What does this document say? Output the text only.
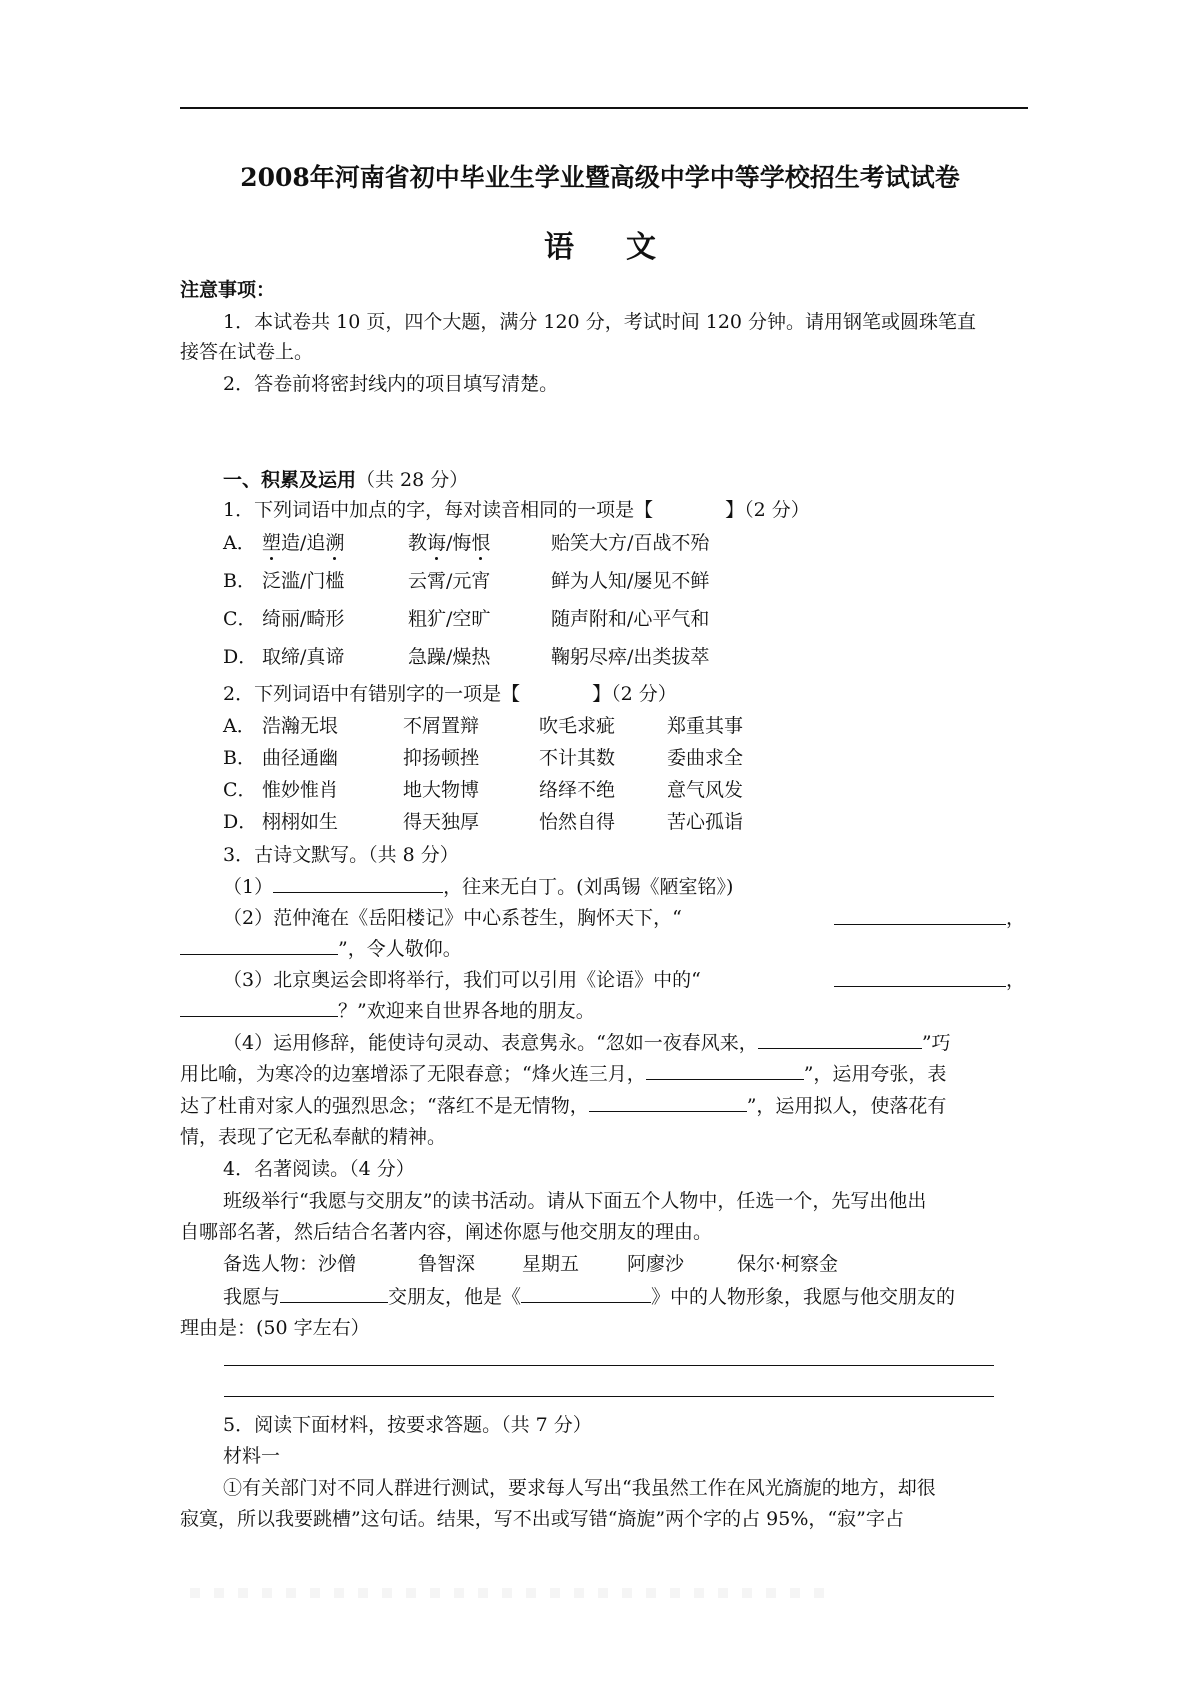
2008年河南省初中毕业生学业暨高级中学中等学校招生考试试卷
语文
注意事项：
1．本试卷共 10 页，四个大题，满分 120 分，考试时间 120 分钟。请用钢笔或圆珠笔直
接答在试卷上。
2．答卷前将密封线内的项目填写清楚。
一、积累及运用（共 28 分）
1．下列词语中加点的字，每对读音相同的一项是【	】（2 分）
A． 塑造/追溯	教诲/悔恨	贻笑大方/百战不殆
B． 泛滥/门槛	云霄/元宵	鲜为人知/屡见不鲜
C． 绮丽/畸形	粗犷/空旷	随声附和/心平气和
D． 取缔/真谛	急躁/燥热	鞠躬尽瘁/出类拔萃
2．下列词语中有错别字的一项是【	】（2 分）
A． 浩瀚无垠	不屑置辩	吹毛求疵	郑重其事
B． 曲径通幽	抑扬顿挫	不计其数	委曲求全
C． 惟妙惟肖	地大物博	络绎不绝	意气风发
D． 栩栩如生	得天独厚	怡然自得	苦心孤诣
3．古诗文默写。（共 8 分）
（1）	，往来无白丁。(刘禹锡《陋室铭》)
（2）范仲淹在《岳阳楼记》中心系苍生，胸怀天下，“	，
”，令人敬仰。
（3）北京奥运会即将举行，我们可以引用《论语》中的“	，
？”欢迎来自世界各地的朋友。
（4）运用修辞，能使诗句灵动、表意隽永。“忽如一夜春风来，	”巧
用比喻，为寒冷的边塞增添了无限春意；“烽火连三月，	”，运用夸张，表
达了杜甫对家人的强烈思念；“落红不是无情物，	”，运用拟人，使落花有
情，表现了它无私奉献的精神。
4．名著阅读。（4 分）
班级举行“我愿与交朋友”的读书活动。请从下面五个人物中，任选一个，先写出他出
自哪部名著，然后结合名著内容，阐述你愿与他交朋友的理由。
备选人物：沙僧	鲁智深 星期五	阿廖沙	保尔·柯察金
我愿与	交朋友，他是《	》中的人物形象，我愿与他交朋友的
理由是：(50 字左右）
5．阅读下面材料，按要求答题。（共 7 分）
材料一
①有关部门对不同人群进行测试，要求每人写出“我虽然工作在风光旖旎的地方，却很
寂寞，所以我要跳槽”这句话。结果，写不出或写错“旖旎”两个字的占 95%，“寂”字占
